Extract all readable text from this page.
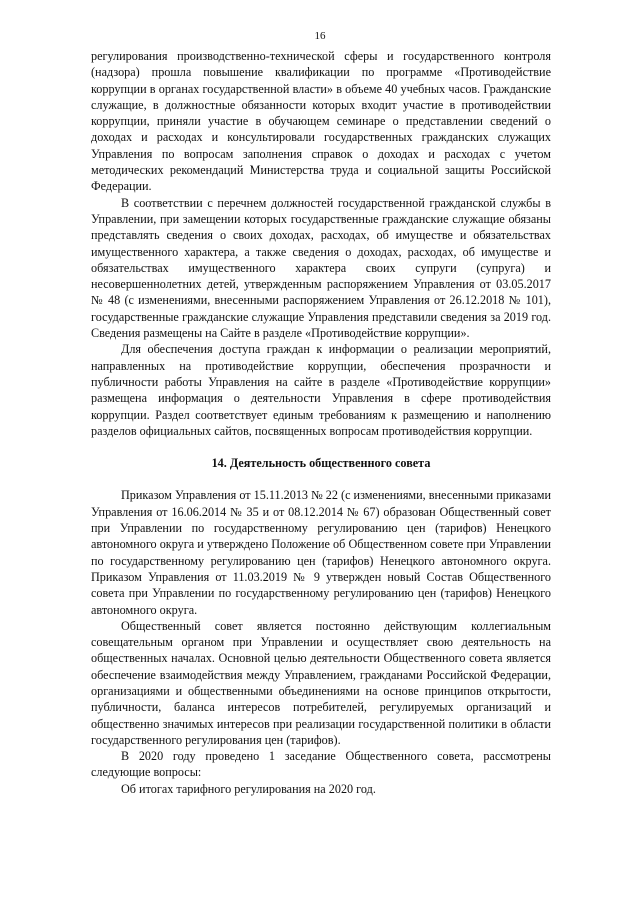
16

регулирования производственно-технической сферы и государственного контроля (надзора) прошла повышение квалификации по программе «Противодействие коррупции в органах государственной власти» в объеме 40 учебных часов. Гражданские служащие, в должностные обязанности которых входит участие в противодействии коррупции, приняли участие в обучающем семинаре о представлении сведений о доходах и расходах и консультировали государственных гражданских служащих Управления по вопросам заполнения справок о доходах и расходах с учетом методических рекомендаций Министерства труда и социальной защиты Российской Федерации.

В соответствии с перечнем должностей государственной гражданской службы в Управлении, при замещении которых государственные гражданские служащие обязаны представлять сведения о своих доходах, расходах, об имуществе и обязательствах имущественного характера, а также сведения о доходах, расходах, об имуществе и обязательствах имущественного характера своих супруги (супруга) и несовершеннолетних детей, утвержденным распоряжением Управления от 03.05.2017 № 48 (с изменениями, внесенными распоряжением Управления от 26.12.2018 № 101), государственные гражданские служащие Управления представили сведения за 2019 год. Сведения размещены на Сайте в разделе «Противодействие коррупции».

Для обеспечения доступа граждан к информации о реализации мероприятий, направленных на противодействие коррупции, обеспечения прозрачности и публичности работы Управления на сайте в разделе «Противодействие коррупции» размещена информация о деятельности Управления в сфере противодействия коррупции. Раздел соответствует единым требованиям к размещению и наполнению разделов официальных сайтов, посвященных вопросам противодействия коррупции.

14. Деятельность общественного совета

Приказом Управления от 15.11.2013 № 22 (с изменениями, внесенными приказами Управления от 16.06.2014 № 35 и от 08.12.2014 № 67) образован Общественный совет при Управлении по государственному регулированию цен (тарифов) Ненецкого автономного округа и утверждено Положение об Общественном совете при Управлении по государственному регулированию цен (тарифов) Ненецкого автономного округа. Приказом Управления от 11.03.2019 № 9 утвержден новый Состав Общественного совета при Управлении по государственному регулированию цен (тарифов) Ненецкого автономного округа.

Общественный совет является постоянно действующим коллегиальным совещательным органом при Управлении и осуществляет свою деятельность на общественных началах. Основной целью деятельности Общественного совета является обеспечение взаимодействия между Управлением, гражданами Российской Федерации, организациями и общественными объединениями на основе принципов открытости, публичности, баланса интересов потребителей, регулируемых организаций и общественно значимых интересов при реализации государственной политики в области государственного регулирования цен (тарифов).

В 2020 году проведено 1 заседание Общественного совета, рассмотрены следующие вопросы:

Об итогах тарифного регулирования на 2020 год.
